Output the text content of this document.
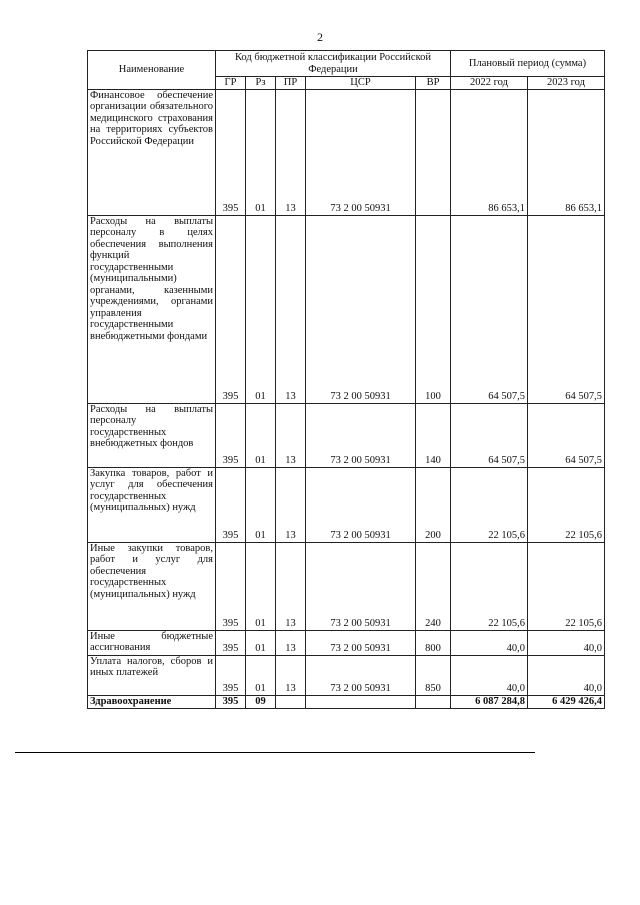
2
Наименование	Код бюджетной классификации Российской Федерации					Плановый период (сумма)	
	ГР	Рз	ПР	ЦСР	ВР	2022 год	2023 год
Финансовое обеспечение организации обязательного медицинского страхования на территориях субъектов Российской Федерации	395	01	13	73 2 00 50931		86 653,1	86 653,1
Расходы на выплаты персоналу в целях обеспечения выполнения функций государственными (муниципальными) органами, казенными учреждениями, органами управления государственными внебюджетными фондами	395	01	13	73 2 00 50931	100	64 507,5	64 507,5
Расходы на выплаты персоналу государственных внебюджетных фондов	395	01	13	73 2 00 50931	140	64 507,5	64 507,5
Закупка товаров, работ и услуг для обеспечения государственных (муниципальных) нужд	395	01	13	73 2 00 50931	200	22 105,6	22 105,6
Иные закупки товаров, работ и услуг для обеспечения государственных (муниципальных) нужд	395	01	13	73 2 00 50931	240	22 105,6	22 105,6
Иные бюджетные ассигнования	395	01	13	73 2 00 50931	800	40,0	40,0
Уплата налогов, сборов и иных платежей	395	01	13	73 2 00 50931	850	40,0	40,0
Здравоохранение	395	09				6 087 284,8	6 429 426,4
